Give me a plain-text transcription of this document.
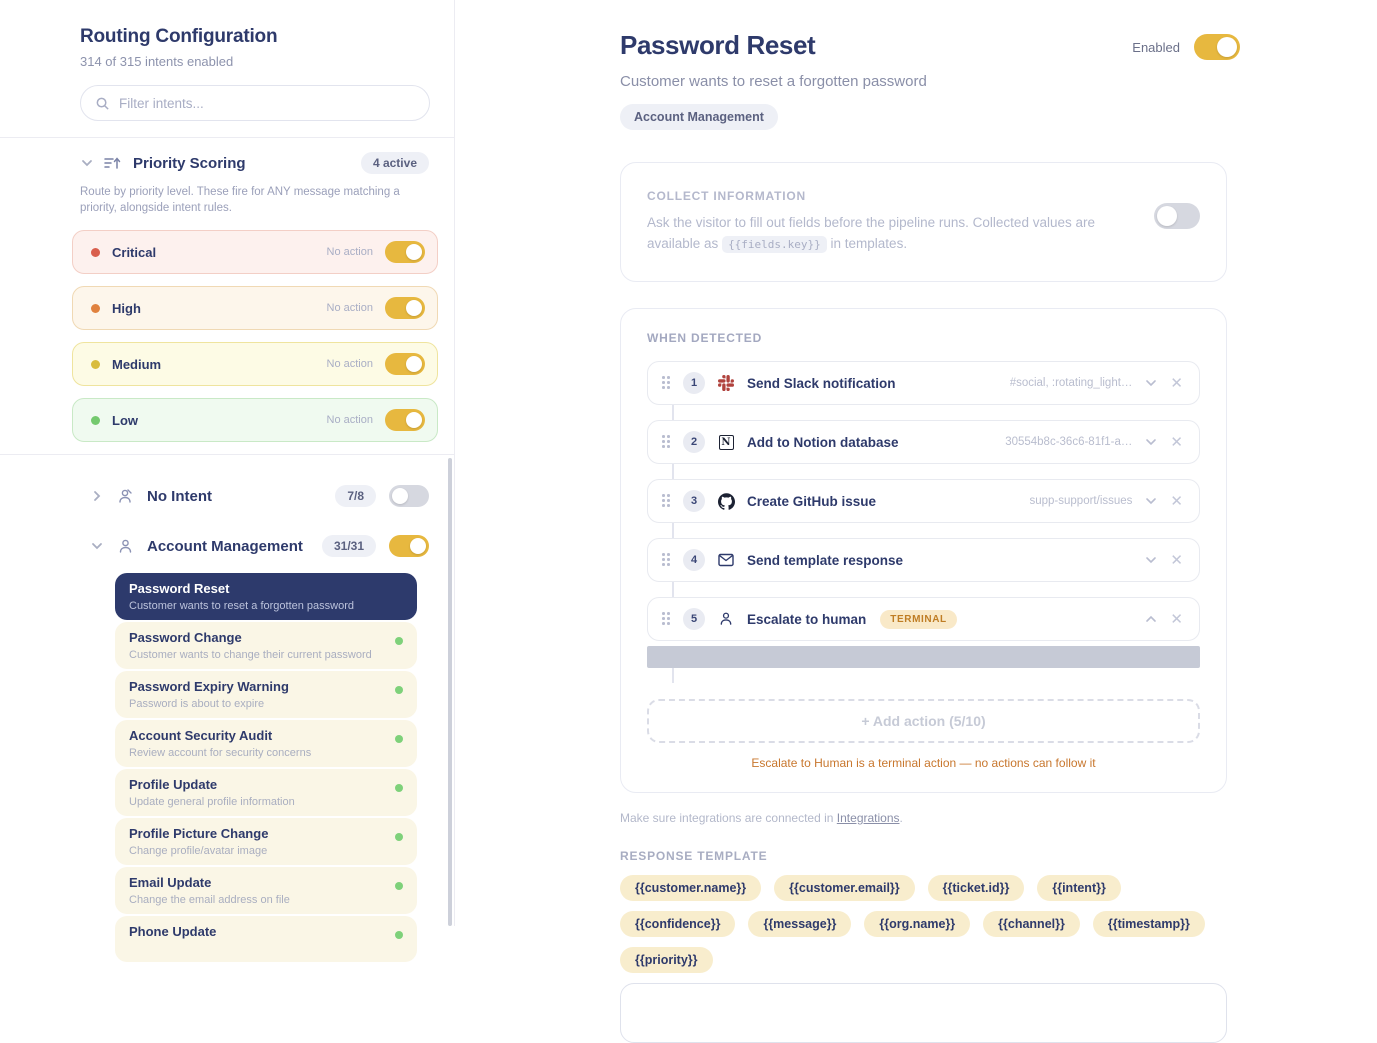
Routing Configuration
314 of 315 intents enabled
Filter intents...
Priority Scoring	4 active
Route by priority level. These fire for ANY message matching a priority, alongside intent rules.
Critical	No action
High	No action
Medium	No action
Low	No action
No Intent	7/8
Account Management	31/31
Password Reset
Customer wants to reset a forgotten password
Password Change
Customer wants to change their current password
Password Expiry Warning
Password is about to expire
Account Security Audit
Review account for security concerns
Profile Update
Update general profile information
Profile Picture Change
Change profile/avatar image
Email Update
Change the email address on file
Phone Update
Password Reset	Enabled
Customer wants to reset a forgotten password
Account Management
COLLECT INFORMATION
Ask the visitor to fill out fields before the pipeline runs. Collected values are available as {{fields.key}} in templates.
WHEN DETECTED
1	Send Slack notification	#social, :rotating_light…	✕
2	N Add to Notion database	30554b8c-36c6-81f1-a…	✕
3	Create GitHub issue	supp-support/issues	✕
4	Send template response	✕
5	Escalate to human	TERMINAL	✕
+ Add action (5/10)
Escalate to Human is a terminal action — no actions can follow it
Make sure integrations are connected in Integrations.
RESPONSE TEMPLATE
{{customer.name}}	{{customer.email}}	{{ticket.id}}	{{intent}}
{{confidence}}	{{message}}	{{org.name}}	{{channel}}	{{timestamp}}
{{priority}}
